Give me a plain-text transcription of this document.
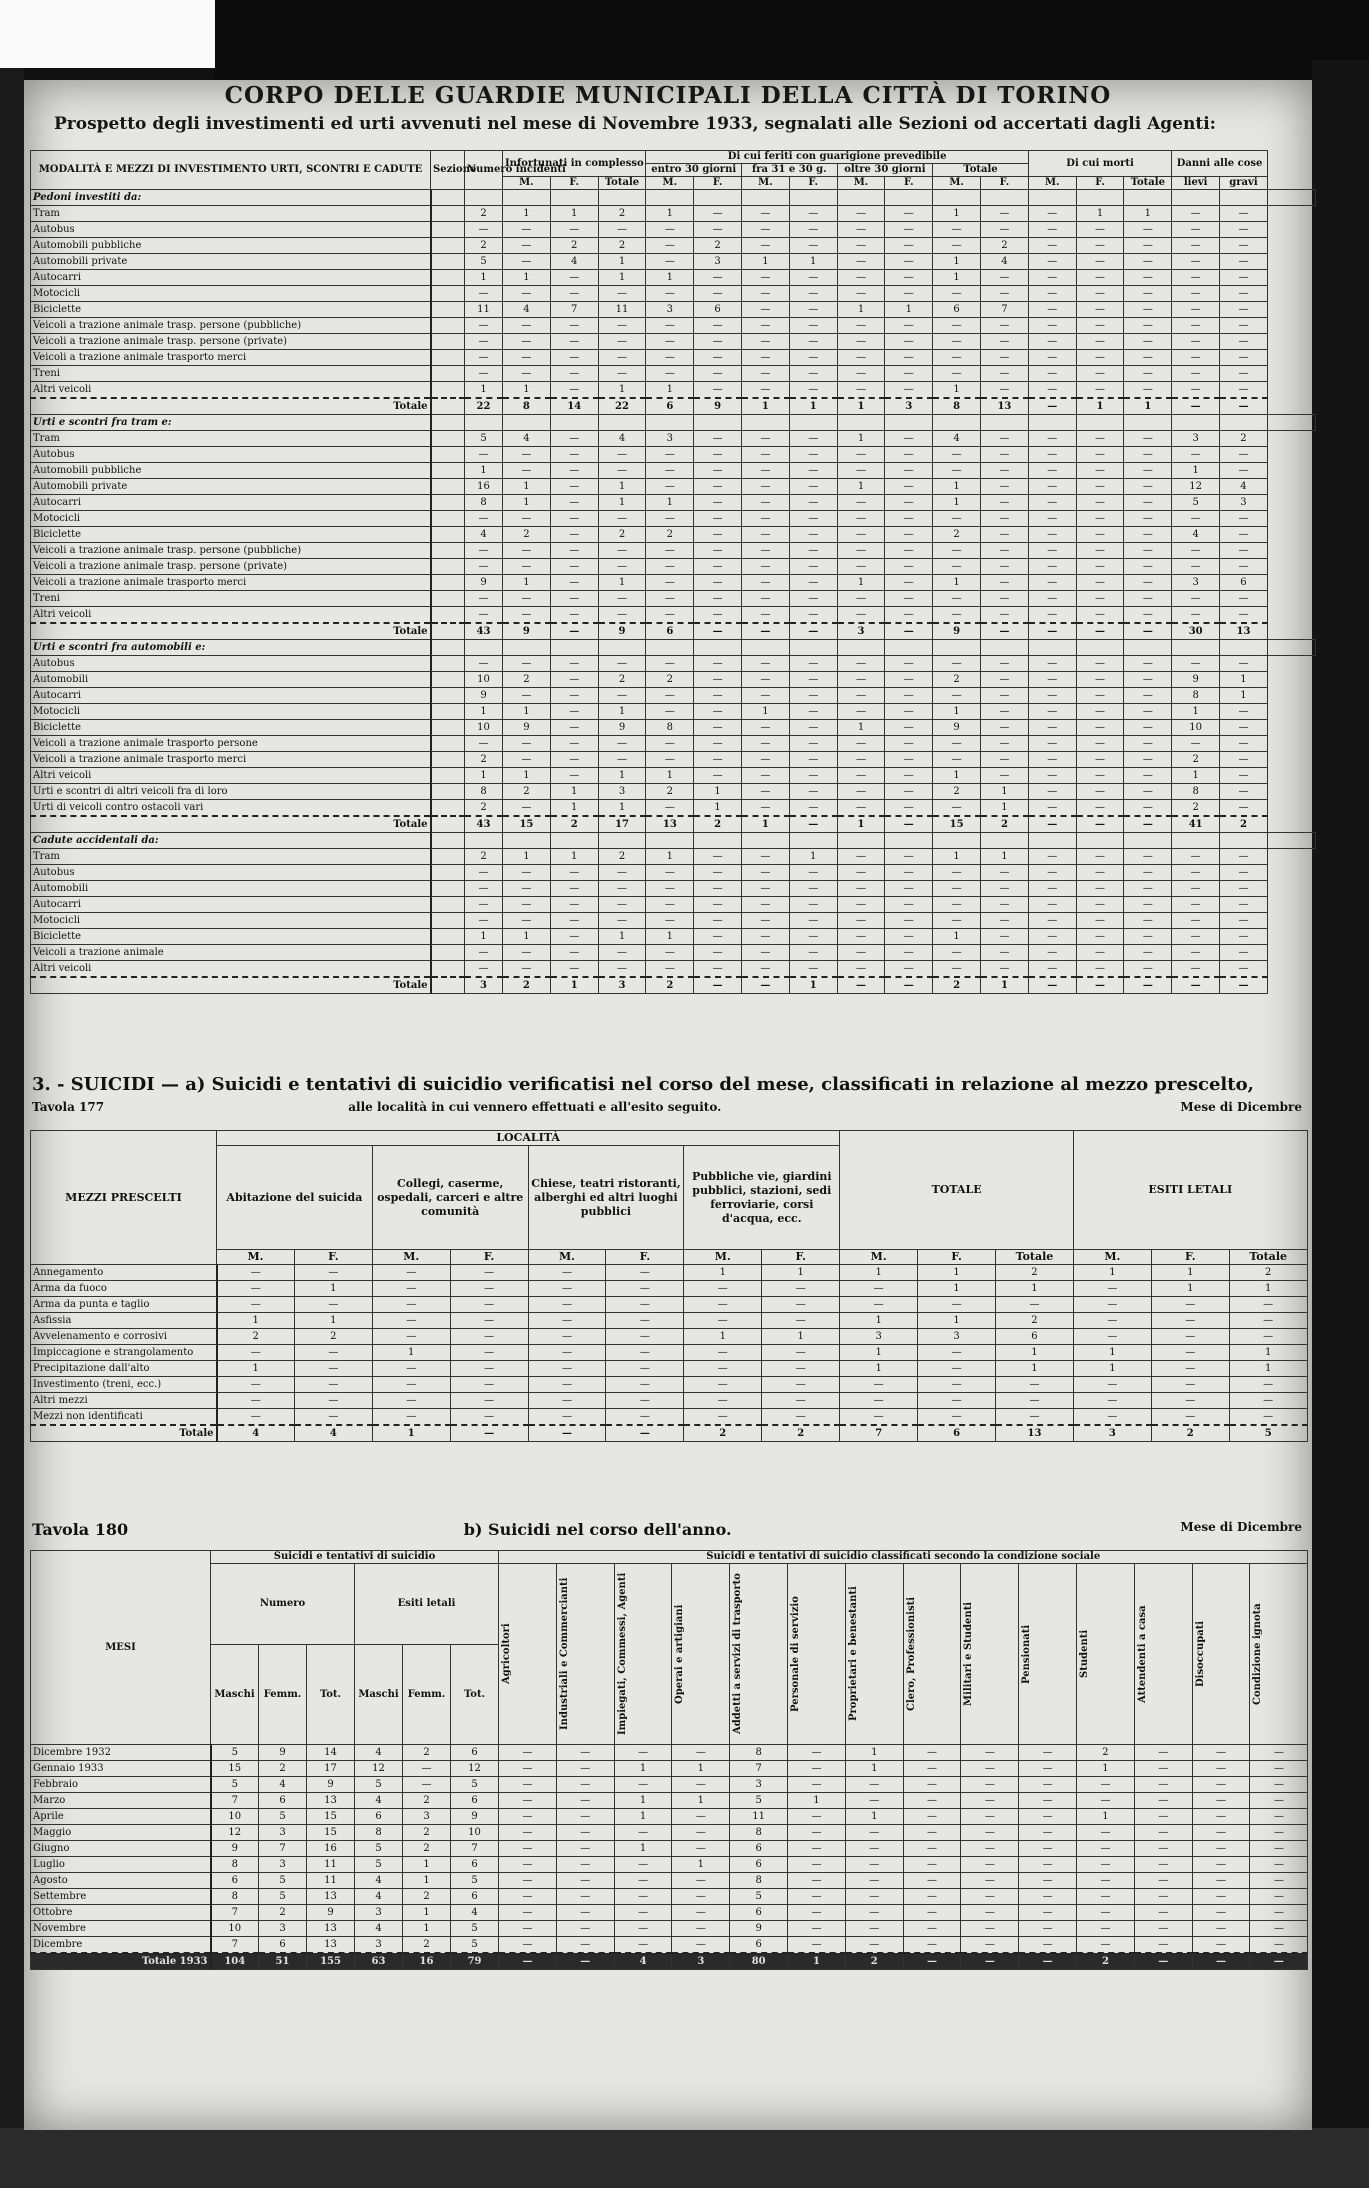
CORPO DELLE GUARDIE MUNICIPALI DELLA CITTÀ DI TORINO
Prospetto degli investimenti ed urti avvenuti nel mese di Novembre 1933, segnalati alle Sezioni od accertati dagli Agenti:
MODALITÀ E MEZZI DI INVESTIMENTO URTI, SCONTRI E CADUTE	Sezione	Numero incidenti	Infortunati in complesso			Di cui feriti con guarigione prevedibile								Di cui morti			Danni alle cose		
						entro 30 giorni		fra 31 e 30 g.		oltre 30 giorni		Totale							
			M.	F.	Totale	M.	F.	M.	F.	M.	F.	M.	F.	M.	F.	Totale	lievi	gravi	
Pedoni investiti da:																			
Tram		2	1	1	2	1	—	—	—	—	—	1	—	—	1	1	—	—	
Autobus		—	—	—	—	—	—	—	—	—	—	—	—	—	—	—	—	—	
Automobili pubbliche		2	—	2	2	—	2	—	—	—	—	—	2	—	—	—	—	—	
Automobili private		5	—	4	1	—	3	1	1	—	—	1	4	—	—	—	—	—	
Autocarri		1	1	—	1	1	—	—	—	—	—	1	—	—	—	—	—	—	
Motocicli		—	—	—	—	—	—	—	—	—	—	—	—	—	—	—	—	—	
Biciclette		11	4	7	11	3	6	—	—	1	1	6	7	—	—	—	—	—	
Veicoli a trazione animale trasp. persone (pubbliche)		—	—	—	—	—	—	—	—	—	—	—	—	—	—	—	—	—	
Veicoli a trazione animale trasp. persone (private)		—	—	—	—	—	—	—	—	—	—	—	—	—	—	—	—	—	
Veicoli a trazione animale trasporto merci		—	—	—	—	—	—	—	—	—	—	—	—	—	—	—	—	—	
Treni		—	—	—	—	—	—	—	—	—	—	—	—	—	—	—	—	—	
Altri veicoli		1	1	—	1	1	—	—	—	—	—	1	—	—	—	—	—	—	
Totale		22	8	14	22	6	9	1	1	1	3	8	13	—	1	1	—	—	
Urti e scontri fra tram e:																			
Tram		5	4	—	4	3	—	—	—	1	—	4	—	—	—	—	3	2	
Autobus		—	—	—	—	—	—	—	—	—	—	—	—	—	—	—	—	—	
Automobili pubbliche		1	—	—	—	—	—	—	—	—	—	—	—	—	—	—	1	—	
Automobili private		16	1	—	1	—	—	—	—	1	—	1	—	—	—	—	12	4	
Autocarri		8	1	—	1	1	—	—	—	—	—	1	—	—	—	—	5	3	
Motocicli		—	—	—	—	—	—	—	—	—	—	—	—	—	—	—	—	—	
Biciclette		4	2	—	2	2	—	—	—	—	—	2	—	—	—	—	4	—	
Veicoli a trazione animale trasp. persone (pubbliche)		—	—	—	—	—	—	—	—	—	—	—	—	—	—	—	—	—	
Veicoli a trazione animale trasp. persone (private)		—	—	—	—	—	—	—	—	—	—	—	—	—	—	—	—	—	
Veicoli a trazione animale trasporto merci		9	1	—	1	—	—	—	—	1	—	1	—	—	—	—	3	6	
Treni		—	—	—	—	—	—	—	—	—	—	—	—	—	—	—	—	—	
Altri veicoli		—	—	—	—	—	—	—	—	—	—	—	—	—	—	—	—	—	
Totale		43	9	—	9	6	—	—	—	3	—	9	—	—	—	—	30	13	
Urti e scontri fra automobili e:																			
Autobus		—	—	—	—	—	—	—	—	—	—	—	—	—	—	—	—	—	
Automobili		10	2	—	2	2	—	—	—	—	—	2	—	—	—	—	9	1	
Autocarri		9	—	—	—	—	—	—	—	—	—	—	—	—	—	—	8	1	
Motocicli		1	1	—	1	—	—	1	—	—	—	1	—	—	—	—	1	—	
Biciclette		10	9	—	9	8	—	—	—	1	—	9	—	—	—	—	10	—	
Veicoli a trazione animale trasporto persone		—	—	—	—	—	—	—	—	—	—	—	—	—	—	—	—	—	
Veicoli a trazione animale trasporto merci		2	—	—	—	—	—	—	—	—	—	—	—	—	—	—	2	—	
Altri veicoli		1	1	—	1	1	—	—	—	—	—	1	—	—	—	—	1	—	
Urti e scontri di altri veicoli fra di loro		8	2	1	3	2	1	—	—	—	—	2	1	—	—	—	8	—	
Urti di veicoli contro ostacoli vari		2	—	1	1	—	1	—	—	—	—	—	1	—	—	—	2	—	
Totale		43	15	2	17	13	2	1	—	1	—	15	2	—	—	—	41	2	
Cadute accidentali da:																			
Tram		2	1	1	2	1	—	—	1	—	—	1	1	—	—	—	—	—	
Autobus		—	—	—	—	—	—	—	—	—	—	—	—	—	—	—	—	—	
Automobili		—	—	—	—	—	—	—	—	—	—	—	—	—	—	—	—	—	
Autocarri		—	—	—	—	—	—	—	—	—	—	—	—	—	—	—	—	—	
Motocicli		—	—	—	—	—	—	—	—	—	—	—	—	—	—	—	—	—	
Biciclette		1	1	—	1	1	—	—	—	—	—	1	—	—	—	—	—	—	
Veicoli a trazione animale		—	—	—	—	—	—	—	—	—	—	—	—	—	—	—	—	—	
Altri veicoli		—	—	—	—	—	—	—	—	—	—	—	—	—	—	—	—	—	
Totale		3	2	1	3	2	—	—	1	—	—	2	1	—	—	—	—	—	
3. - SUICIDI — a) Suicidi e tentativi di suicidio verificatisi nel corso del mese, classificati in relazione al mezzo prescelto,
Tavola 177	alle località in cui vennero effettuati e all'esito seguito.	Mese di Dicembre
MEZZI PRESCELTI	LOCALITÀ								TOTALE			ESITI LETALI		
	Abitazione del suicida		Collegi, caserme, ospedali, carceri e altre comunità		Chiese, teatri ristoranti, alberghi ed altri luoghi pubblici		Pubbliche vie, giardini pubblici, stazioni, sedi ferroviarie, corsi d'acqua, ecc.							
	M.	F.	M.	F.	M.	F.	M.	F.	M.	F.	Totale	M.	F.	Totale
Annegamento	—	—	—	—	—	—	1	1	1	1	2	1	1	2
Arma da fuoco	—	1	—	—	—	—	—	—	—	1	1	—	1	1
Arma da punta e taglio	—	—	—	—	—	—	—	—	—	—	—	—	—	—
Asfissia	1	1	—	—	—	—	—	—	1	1	2	—	—	—
Avvelenamento e corrosivi	2	2	—	—	—	—	1	1	3	3	6	—	—	—
Impiccagione e strangolamento	—	—	1	—	—	—	—	—	1	—	1	1	—	1
Precipitazione dall'alto	1	—	—	—	—	—	—	—	1	—	1	1	—	1
Investimento (treni, ecc.)	—	—	—	—	—	—	—	—	—	—	—	—	—	—
Altri mezzi	—	—	—	—	—	—	—	—	—	—	—	—	—	—
Mezzi non identificati	—	—	—	—	—	—	—	—	—	—	—	—	—	—
Totale	4	4	1	—	—	—	2	2	7	6	13	3	2	5
Tavola 180	b) Suicidi nel corso dell'anno.	Mese di Dicembre
MESI	Suicidi e tentativi di suicidio						Suicidi e tentativi di suicidio classificati secondo la condizione sociale													
	Numero			Esiti letali			Agricoltori	Industriali e Commercianti	Impiegati, Commessi, Agenti	Operai e artigiani	Addetti a servizi di trasporto	Personale di servizio	Proprietari e benestanti	Clero, Professionisti	Militari e Studenti	Pensionati	Studenti	Attendenti a casa	Disoccupati	Condizione ignota

	Maschi	Femm.	Tot.	Maschi	Femm.	Tot.														
Dicembre 1932	5	9	14	4	2	6	—	—	—	—	8	—	1	—	—	—	2	—	—	—
Gennaio 1933	15	2	17	12	—	12	—	—	1	1	7	—	1	—	—	—	1	—	—	—
Febbraio	5	4	9	5	—	5	—	—	—	—	3	—	—	—	—	—	—	—	—	—
Marzo	7	6	13	4	2	6	—	—	1	1	5	1	—	—	—	—	—	—	—	—
Aprile	10	5	15	6	3	9	—	—	1	—	11	—	1	—	—	—	1	—	—	—
Maggio	12	3	15	8	2	10	—	—	—	—	8	—	—	—	—	—	—	—	—	—
Giugno	9	7	16	5	2	7	—	—	1	—	6	—	—	—	—	—	—	—	—	—
Luglio	8	3	11	5	1	6	—	—	—	1	6	—	—	—	—	—	—	—	—	—
Agosto	6	5	11	4	1	5	—	—	—	—	8	—	—	—	—	—	—	—	—	—
Settembre	8	5	13	4	2	6	—	—	—	—	5	—	—	—	—	—	—	—	—	—
Ottobre	7	2	9	3	1	4	—	—	—	—	6	—	—	—	—	—	—	—	—	—
Novembre	10	3	13	4	1	5	—	—	—	—	9	—	—	—	—	—	—	—	—	—
Dicembre	7	6	13	3	2	5	—	—	—	—	6	—	—	—	—	—	—	—	—	—
Totale 1933	104	51	155	63	16	79	—	—	4	3	80	1	2	—	—	—	2	—	—	—
